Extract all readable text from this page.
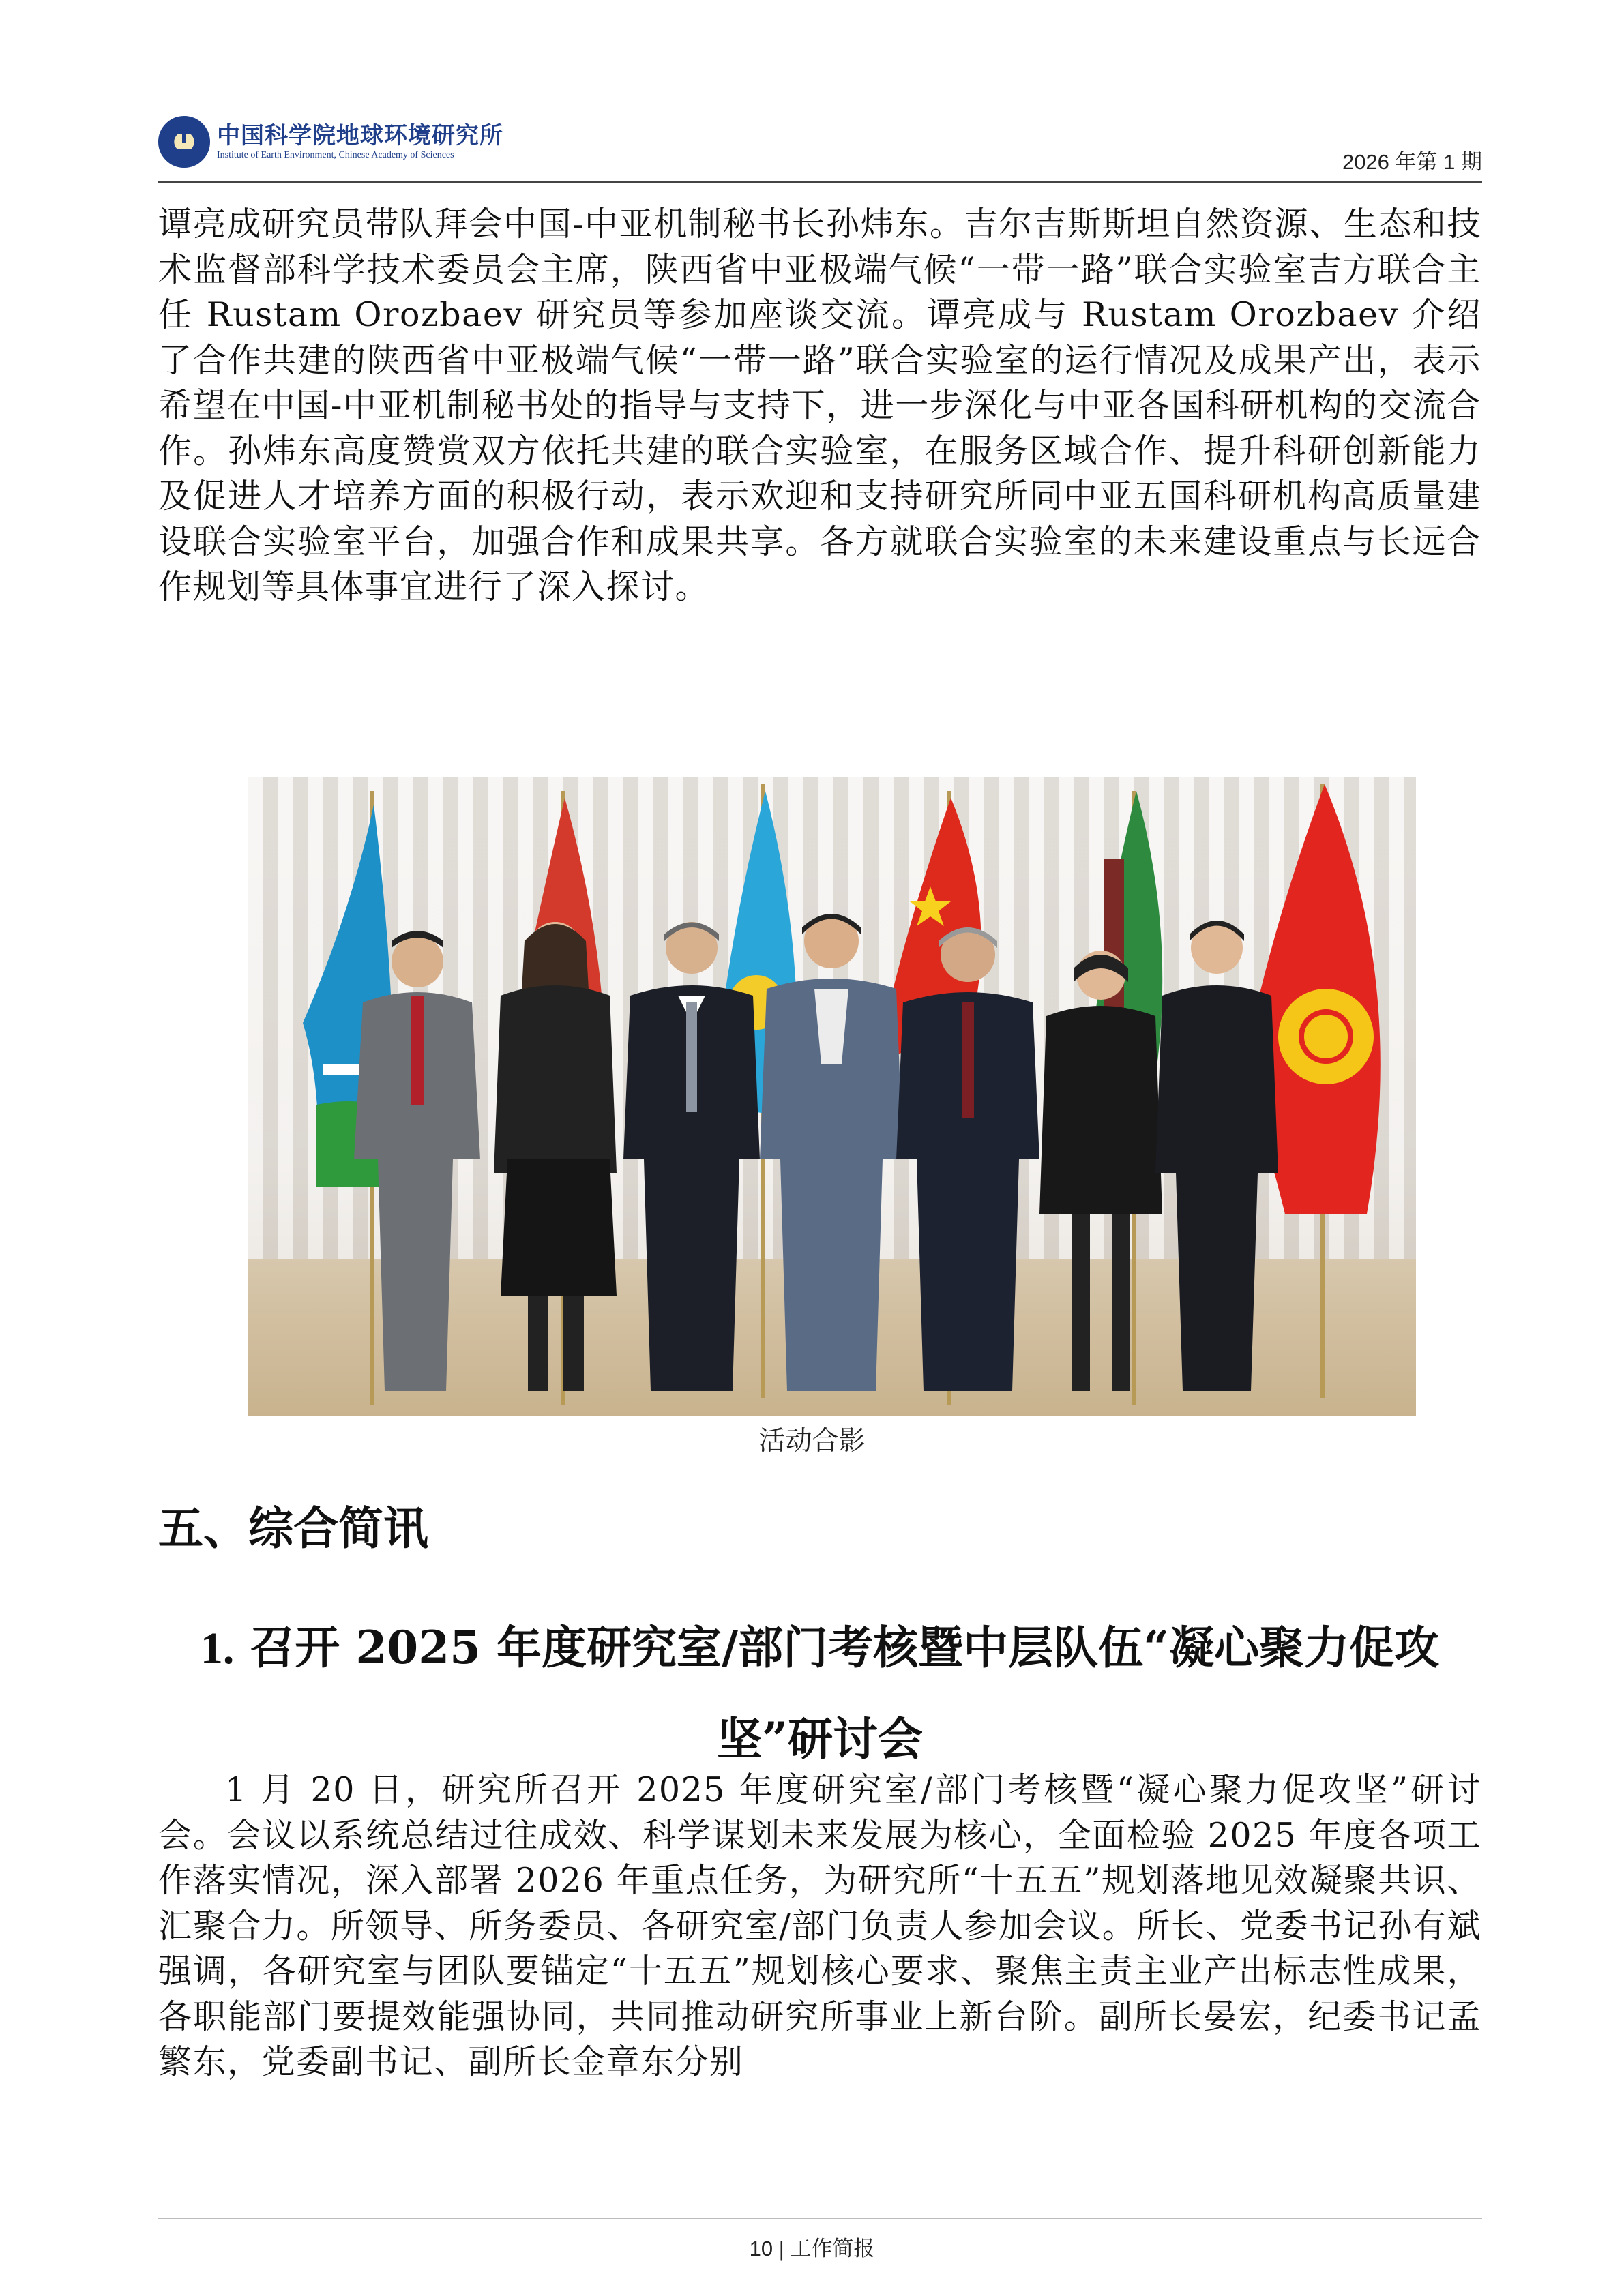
中国科学院地球环境研究所
Institute of Earth Environment, Chinese Academy of Sciences	2026 年第 1 期

谭亮成研究员带队拜会中国-中亚机制秘书长孙炜东。吉尔吉斯斯坦自然资源、生态和技术监督部科学技术委员会主席，陕西省中亚极端气候“一带一路”联合实验室吉方联合主任 Rustam Orozbaev 研究员等参加座谈交流。谭亮成与 Rustam Orozbaev 介绍了合作共建的陕西省中亚极端气候“一带一路”联合实验室的运行情况及成果产出，表示希望在中国-中亚机制秘书处的指导与支持下，进一步深化与中亚各国科研机构的交流合作。孙炜东高度赞赏双方依托共建的联合实验室，在服务区域合作、提升科研创新能力及促进人才培养方面的积极行动，表示欢迎和支持研究所同中亚五国科研机构高质量建设联合实验室平台，加强合作和成果共享。各方就联合实验室的未来建设重点与长远合作规划等具体事宜进行了深入探讨。

活动合影
五、综合简讯
1. 召开 2025 年度研究室/部门考核暨中层队伍“凝心聚力促攻坚”研讨会

1 月 20 日，研究所召开 2025 年度研究室/部门考核暨“凝心聚力促攻坚”研讨会。会议以系统总结过往成效、科学谋划未来发展为核心，全面检验 2025 年度各项工作落实情况，深入部署 2026 年重点任务，为研究所“十五五”规划落地见效凝聚共识、汇聚合力。所领导、所务委员、各研究室/部门负责人参加会议。所长、党委书记孙有斌强调，各研究室与团队要锚定“十五五”规划核心要求、聚焦主责主业产出标志性成果，各职能部门要提效能强协同，共同推动研究所事业上新台阶。副所长晏宏，纪委书记孟繁东，党委副书记、副所长金章东分别

10 | 工作简报
